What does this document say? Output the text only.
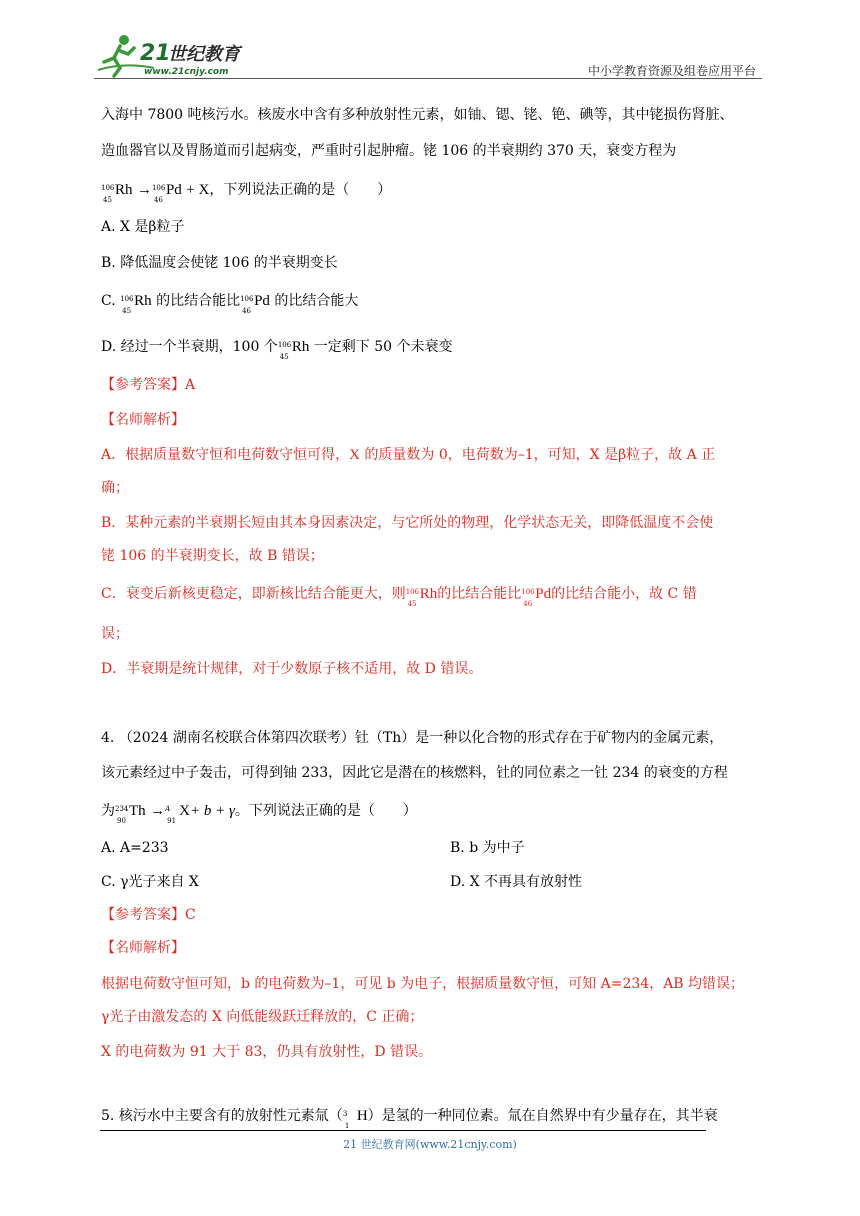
21
世纪教育
www.21cnjy.com	中小学教育资源及组卷应用平台
入海中 7800 吨核污水。核废水中含有多种放射性元素，如铀、锶、铑、铯、碘等，其中铑损伤肾脏、
造血器官以及胃肠道而引起病变，严重时引起肿瘤。铑 106 的半衰期约 370 天，衰变方程为
106
45
Rh → 106
46
Pd + X，下列说法正确的是（　　）
A. X 是β粒子
B. 降低温度会使铑 106 的半衰期变长
C. 106
45
Rh 的比结合能比 106
46
Pd 的比结合能大
D. 经过一个半衰期，100 个 106
45
Rh 一定剩下 50 个未衰变
【参考答案】A
【名师解析】
A．根据质量数守恒和电荷数守恒可得，X 的质量数为 0，电荷数为–1，可知，X 是β粒子，故 A 正
确；
B．某种元素的半衰期长短由其本身因素决定，与它所处的物理，化学状态无关，即降低温度不会使
铑 106 的半衰期变长，故 B 错误；
C．衰变后新核更稳定，即新核比结合能更大，则 106
45
Rh的比结合能比 106
46
Pd的比结合能小，故 C 错
误；
D．半衰期是统计规律，对于少数原子核不适用，故 D 错误。
4. （2024 湖南名校联合体第四次联考）钍（Th）是一种以化合物的形式存在于矿物内的金属元素，
该元素经过中子轰击，可得到铀 233，因此它是潜在的核燃料，钍的同位素之一钍 234 的衰变的方程
为 234
90
Th → A
91
X+ b + γ。下列说法正确的是（　　）
A. A=233	B. b 为中子
C. γ光子来自 X	D. X 不再具有放射性
【参考答案】C
【名师解析】
根据电荷数守恒可知，b 的电荷数为–1，可见 b 为电子，根据质量数守恒，可知 A=234，AB 均错误；
γ光子由激发态的 X 向低能级跃迁释放的，C 正确；
X 的电荷数为 91 大于 83，仍具有放射性，D 错误。
5. 核污水中主要含有的放射性元素氚（ 3
1
H）是氢的一种同位素。氚在自然界中有少量存在，其半衰
21 世纪教育网(www.21cnjy.com)
